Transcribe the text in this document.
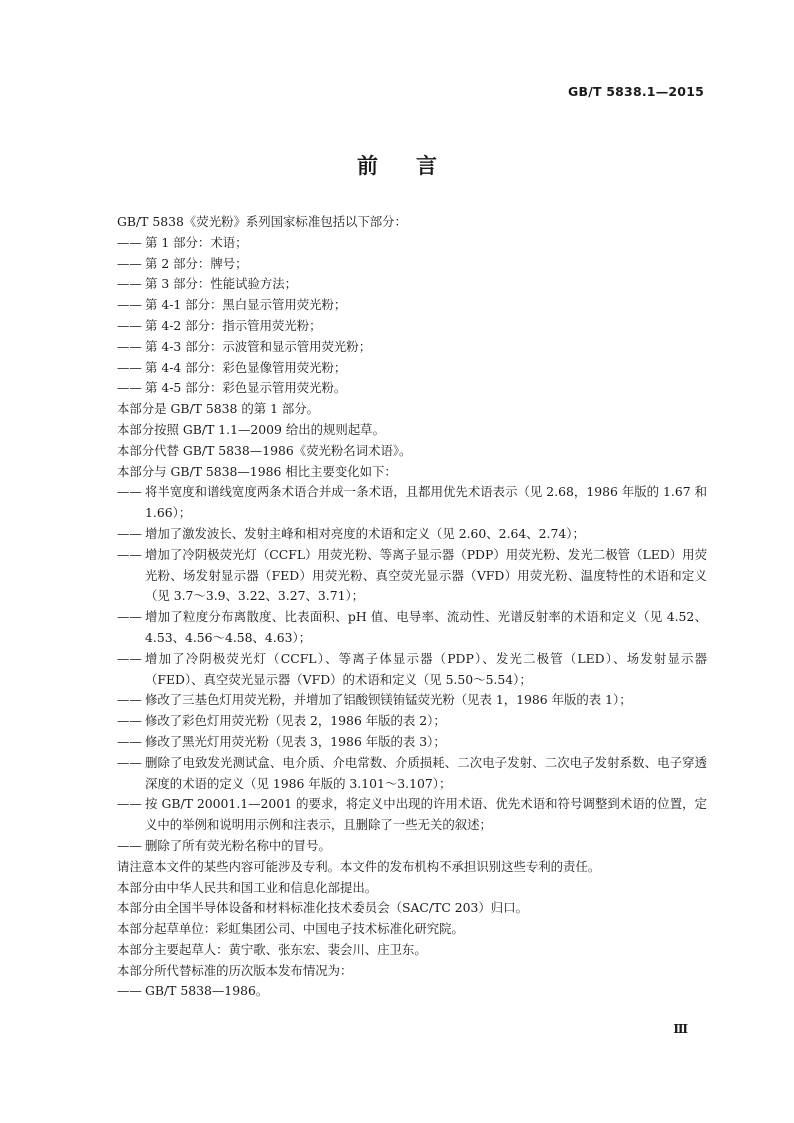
GB/T 5838.1—2015
前言
GB/T 5838《荧光粉》系列国家标准包括以下部分：
—— 第 1 部分：术语；
—— 第 2 部分：牌号；
—— 第 3 部分：性能试验方法；
—— 第 4-1 部分：黑白显示管用荧光粉；
—— 第 4-2 部分：指示管用荧光粉；
—— 第 4-3 部分：示波管和显示管用荧光粉；
—— 第 4-4 部分：彩色显像管用荧光粉；
—— 第 4-5 部分：彩色显示管用荧光粉。
本部分是 GB/T 5838 的第 1 部分。
本部分按照 GB/T 1.1—2009 给出的规则起草。
本部分代替 GB/T 5838—1986《荧光粉名词术语》。
本部分与 GB/T 5838—1986 相比主要变化如下：
—— 将半宽度和谱线宽度两条术语合并成一条术语，且都用优先术语表示（见 2.68，1986 年版的 1.67 和 1.66）；
—— 增加了激发波长、发射主峰和相对亮度的术语和定义（见 2.60、2.64、2.74）；
—— 增加了冷阴极荧光灯（CCFL）用荧光粉、等离子显示器（PDP）用荧光粉、发光二极管（LED）用荧光粉、场发射显示器（FED）用荧光粉、真空荧光显示器（VFD）用荧光粉、温度特性的术语和定义（见 3.7～3.9、3.22、3.27、3.71）；
—— 增加了粒度分布离散度、比表面积、pH 值、电导率、流动性、光谱反射率的术语和定义（见 4.52、4.53、4.56～4.58、4.63）；
—— 增加了冷阴极荧光灯（CCFL）、等离子体显示器（PDP）、发光二极管（LED）、场发射显示器（FED）、真空荧光显示器（VFD）的术语和定义（见 5.50～5.54）；
—— 修改了三基色灯用荧光粉，并增加了铝酸钡镁铕锰荧光粉（见表 1，1986 年版的表 1）；
—— 修改了彩色灯用荧光粉（见表 2，1986 年版的表 2）；
—— 修改了黑光灯用荧光粉（见表 3，1986 年版的表 3）；
—— 删除了电致发光测试盒、电介质、介电常数、介质损耗、二次电子发射、二次电子发射系数、电子穿透深度的术语的定义（见 1986 年版的 3.101～3.107）；
—— 按 GB/T 20001.1—2001 的要求，将定义中出现的许用术语、优先术语和符号调整到术语的位置，定义中的举例和说明用示例和注表示，且删除了一些无关的叙述；
—— 删除了所有荧光粉名称中的冒号。
请注意本文件的某些内容可能涉及专利。本文件的发布机构不承担识别这些专利的责任。
本部分由中华人民共和国工业和信息化部提出。
本部分由全国半导体设备和材料标准化技术委员会（SAC/TC 203）归口。
本部分起草单位：彩虹集团公司、中国电子技术标准化研究院。
本部分主要起草人：黄宁歌、张东宏、裴会川、庄卫东。
本部分所代替标准的历次版本发布情况为：
—— GB/T 5838—1986。
Ⅲ
